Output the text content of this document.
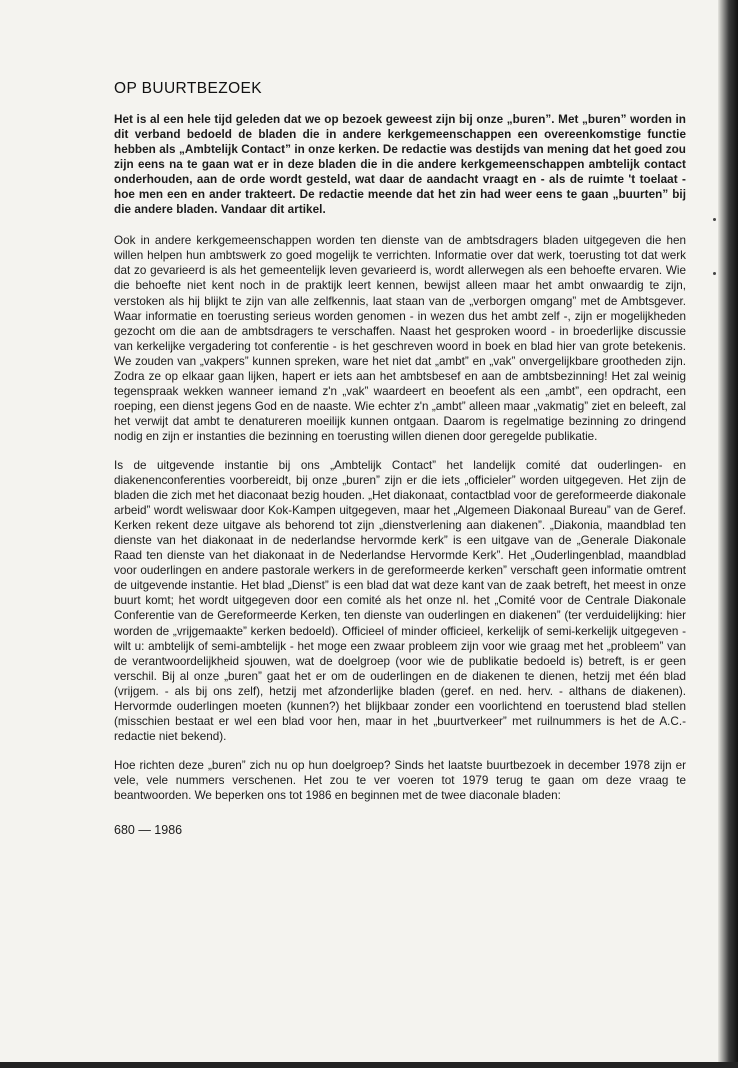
OP BUURTBEZOEK

Het is al een hele tijd geleden dat we op bezoek geweest zijn bij onze „buren”. Met „buren” worden in dit verband bedoeld de bladen die in andere kerkgemeenschappen een overeenkomstige functie hebben als „Ambtelijk Contact” in onze kerken. De redactie was destijds van mening dat het goed zou zijn eens na te gaan wat er in deze bladen die in die andere kerkgemeenschappen ambtelijk contact onderhouden, aan de orde wordt gesteld, wat daar de aandacht vraagt en - als de ruimte 't toelaat - hoe men een en ander trakteert. De redactie meende dat het zin had weer eens te gaan „buurten” bij die andere bladen. Vandaar dit artikel.

Ook in andere kerkgemeenschappen worden ten dienste van de ambtsdragers bladen uitgegeven die hen willen helpen hun ambtswerk zo goed mogelijk te verrichten. Informatie over dat werk, toerusting tot dat werk dat zo gevarieerd is als het gemeentelijk leven gevarieerd is, wordt allerwegen als een behoefte ervaren. Wie die behoefte niet kent noch in de praktijk leert kennen, bewijst alleen maar het ambt onwaardig te zijn, verstoken als hij blijkt te zijn van alle zelfkennis, laat staan van de „verborgen omgang” met de Ambtsgever. Waar informatie en toerusting serieus worden genomen - in wezen dus het ambt zelf -, zijn er mogelijkheden gezocht om die aan de ambtsdragers te verschaffen. Naast het gesproken woord - in broederlijke discussie van kerkelijke vergadering tot conferentie - is het geschreven woord in boek en blad hier van grote betekenis. We zouden van „vakpers” kunnen spreken, ware het niet dat „ambt” en „vak” onvergelijkbare grootheden zijn. Zodra ze op elkaar gaan lijken, hapert er iets aan het ambtsbesef en aan de ambtsbezinning! Het zal weinig tegenspraak wekken wanneer iemand z'n „vak” waardeert en beoefent als een „ambt”, een opdracht, een roeping, een dienst jegens God en de naaste. Wie echter z'n „ambt” alleen maar „vakmatig” ziet en beleeft, zal het verwijt dat ambt te denatureren moeilijk kunnen ontgaan. Daarom is regelmatige bezinning zo dringend nodig en zijn er instanties die bezinning en toerusting willen dienen door geregelde publikatie.

Is de uitgevende instantie bij ons „Ambtelijk Contact” het landelijk comité dat ouderlingen- en diakenenconferenties voorbereidt, bij onze „buren” zijn er die iets „officieler” worden uitgegeven. Het zijn de bladen die zich met het diaconaat bezig houden. „Het diakonaat, contactblad voor de gereformeerde diakonale arbeid” wordt weliswaar door Kok-Kampen uitgegeven, maar het „Algemeen Diakonaal Bureau” van de Geref. Kerken rekent deze uitgave als behorend tot zijn „dienstverlening aan diakenen”. „Diakonia, maandblad ten dienste van het diakonaat in de nederlandse hervormde kerk” is een uitgave van de „Generale Diakonale Raad ten dienste van het diakonaat in de Nederlandse Hervormde Kerk”. Het „Ouderlingenblad, maandblad voor ouderlingen en andere pastorale werkers in de gereformeerde kerken” verschaft geen informatie omtrent de uitgevende instantie. Het blad „Dienst” is een blad dat wat deze kant van de zaak betreft, het meest in onze buurt komt; het wordt uitgegeven door een comité als het onze nl. het „Comité voor de Centrale Diakonale Conferentie van de Gereformeerde Kerken, ten dienste van ouderlingen en diakenen” (ter verduidelijking: hier worden de „vrijgemaakte” kerken bedoeld). Officieel of minder officieel, kerkelijk of semi-kerkelijk uitgegeven - wilt u: ambtelijk of semi-ambtelijk - het moge een zwaar probleem zijn voor wie graag met het „probleem” van de verantwoordelijkheid sjouwen, wat de doelgroep (voor wie de publikatie bedoeld is) betreft, is er geen verschil. Bij al onze „buren” gaat het er om de ouderlingen en de diakenen te dienen, hetzij met één blad (vrijgem. - als bij ons zelf), hetzij met afzonderlijke bladen (geref. en ned. herv. - althans de diakenen). Hervormde ouderlingen moeten (kunnen?) het blijkbaar zonder een voorlichtend en toerustend blad stellen (misschien bestaat er wel een blad voor hen, maar in het „buurtverkeer” met ruilnummers is het de A.C.-redactie niet bekend).

Hoe richten deze „buren” zich nu op hun doelgroep? Sinds het laatste buurtbezoek in december 1978 zijn er vele, vele nummers verschenen. Het zou te ver voeren tot 1979 terug te gaan om deze vraag te beantwoorden. We beperken ons tot 1986 en beginnen met de twee diaconale bladen:

680 — 1986
